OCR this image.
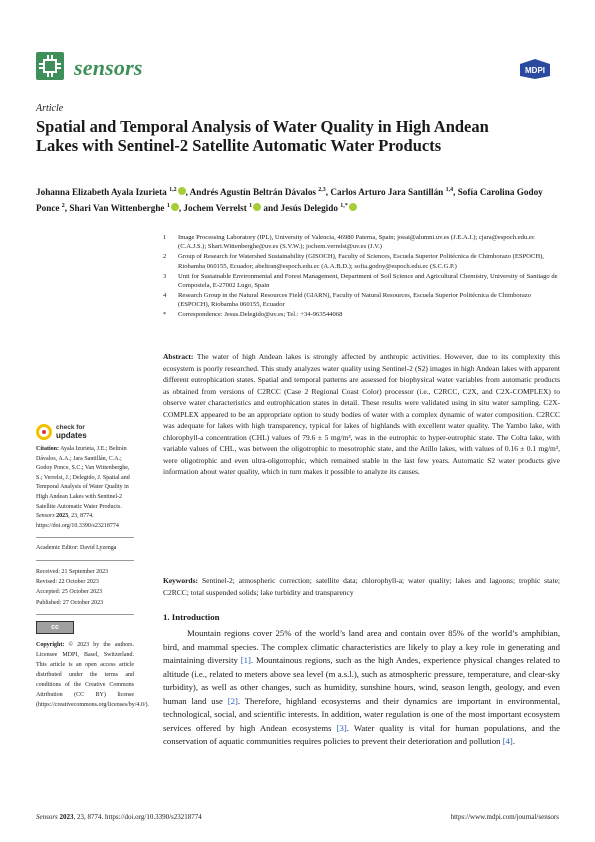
sensors	MDPI
Article
Spatial and Temporal Analysis of Water Quality in High Andean Lakes with Sentinel-2 Satellite Automatic Water Products
Johanna Elizabeth Ayala Izurieta $^{1,2}$ , Andrés Agustín Beltrán Dávalos $^{2,3}$, Carlos Arturo Jara Santillán $^{1,4}$, Sofía Carolina Godoy Ponce $^2$, Shari Van Wittenberghe $^1$ , Jochem Verrelst $^1$ and Jesús Delegido $^{1,*}$
1	Image Processing Laboratory (IPL), University of Valencia, 46980 Paterna, Spain; joeai@alumni.uv.es (J.E.A.I.); cjara@espoch.edu.ec (C.A.J.S.); Shari.Wittenberghe@uv.es (S.V.W.); jochem.verrelst@uv.es (J.V.)
2	Group of Research for Watershed Sustainability (GISOCH), Faculty of Sciences, Escuela Superior Politécnica de Chimborazo (ESPOCH), Riobamba 060155, Ecuador; abeltran@espoch.edu.ec (A.A.B.D.); sofia.godoy@espoch.edu.ec (S.C.G.P.)
3	Unit for Sustainable Environmental and Forest Management, Department of Soil Science and Agricultural Chemistry, University of Santiago de Compostela, E-27002 Lugo, Spain
4	Research Group in the Natural Resources Field (GIARN), Faculty of Natural Resources, Escuela Superior Politécnica de Chimborazo (ESPOCH), Riobamba 060155, Ecuador
*	Correspondence: Jesus.Delegido@uv.es; Tel.: +34-963544068
Abstract: The water of high Andean lakes is strongly affected by anthropic activities. However, due to its complexity this ecosystem is poorly researched. This study analyzes water quality using Sentinel-2 (S2) images in high Andean lakes with apparent different eutrophication states. Spatial and temporal patterns are assessed for biophysical water variables from automatic products as obtained from versions of C2RCC (Case 2 Regional Coast Color) processor (i.e., C2RCC, C2X, and C2X-COMPLEX) to observe water characteristics and eutrophication states in detail. These results were validated using in situ water sampling. C2X-COMPLEX appeared to be an appropriate option to study bodies of water with a complex dynamic of water composition. C2RCC was adequate for lakes with high transparency, typical for lakes of highlands with excellent water quality. The Yambo lake, with chlorophyll-a concentration (CHL) values of 79.6 ± 5 mg/m³, was in the eutrophic to hyper-eutrophic state. The Colta lake, with variable values of CHL, was between the oligotrophic to mesotrophic state, and the Atillo lakes, with values of 0.16 ± 0.1 mg/m³, were oligotrophic and even ultra-oligotrophic, which remained stable in the last few years. Automatic S2 water products give information about water quality, which in turn makes it possible to analyze its causes.
Keywords: Sentinel-2; atmospheric correction; satellite data; chlorophyll-a; water quality; lakes and lagoons; trophic state; C2RCC; total suspended solids; lake turbidity and transparency
check for
updates
Citation: Ayala Izurieta, J.E.; Beltrán Dávalos, A.A.; Jara Santillán, C.A.; Godoy Ponce, S.C.; Van Wittenberghe, S.; Verrelst, J.; Delegido, J. Spatial and Temporal Analysis of Water Quality in High Andean Lakes with Sentinel-2 Satellite Automatic Water Products. Sensors 2023, 23, 8774. https://doi.org/10.3390/s23218774
Academic Editor: David Lyzenga
Received: 21 September 2023
Revised: 22 October 2023
Accepted: 25 October 2023
Published: 27 October 2023
cc
Copyright: © 2023 by the authors. Licensee MDPI, Basel, Switzerland. This article is an open access article distributed under the terms and conditions of the Creative Commons Attribution (CC BY) license (https://creativecommons.org/licenses/by/4.0/).
1. Introduction
Mountain regions cover 25% of the world’s land area and contain over 85% of the world’s amphibian, bird, and mammal species. The complex climatic characteristics are likely to play a key role in generating and maintaining diversity [1]. Mountainous regions, such as the high Andes, experience physical changes related to altitude (i.e., related to meters above sea level (m a.s.l.), such as atmospheric pressure, temperature, and clear-sky turbidity), as well as other changes, such as humidity, sunshine hours, wind, season length, geology, and even human land use [2]. Therefore, highland ecosystems and their dynamics are important in environmental, technological, social, and scientific interests. In addition, water regulation is one of the most important ecosystem services offered by high Andean ecosystems [3]. Water quality is vital for human populations, and the conservation of aquatic communities requires policies to prevent their deterioration and pollution [4].
Sensors 2023, 23, 8774. https://doi.org/10.3390/s23218774	https://www.mdpi.com/journal/sensors
